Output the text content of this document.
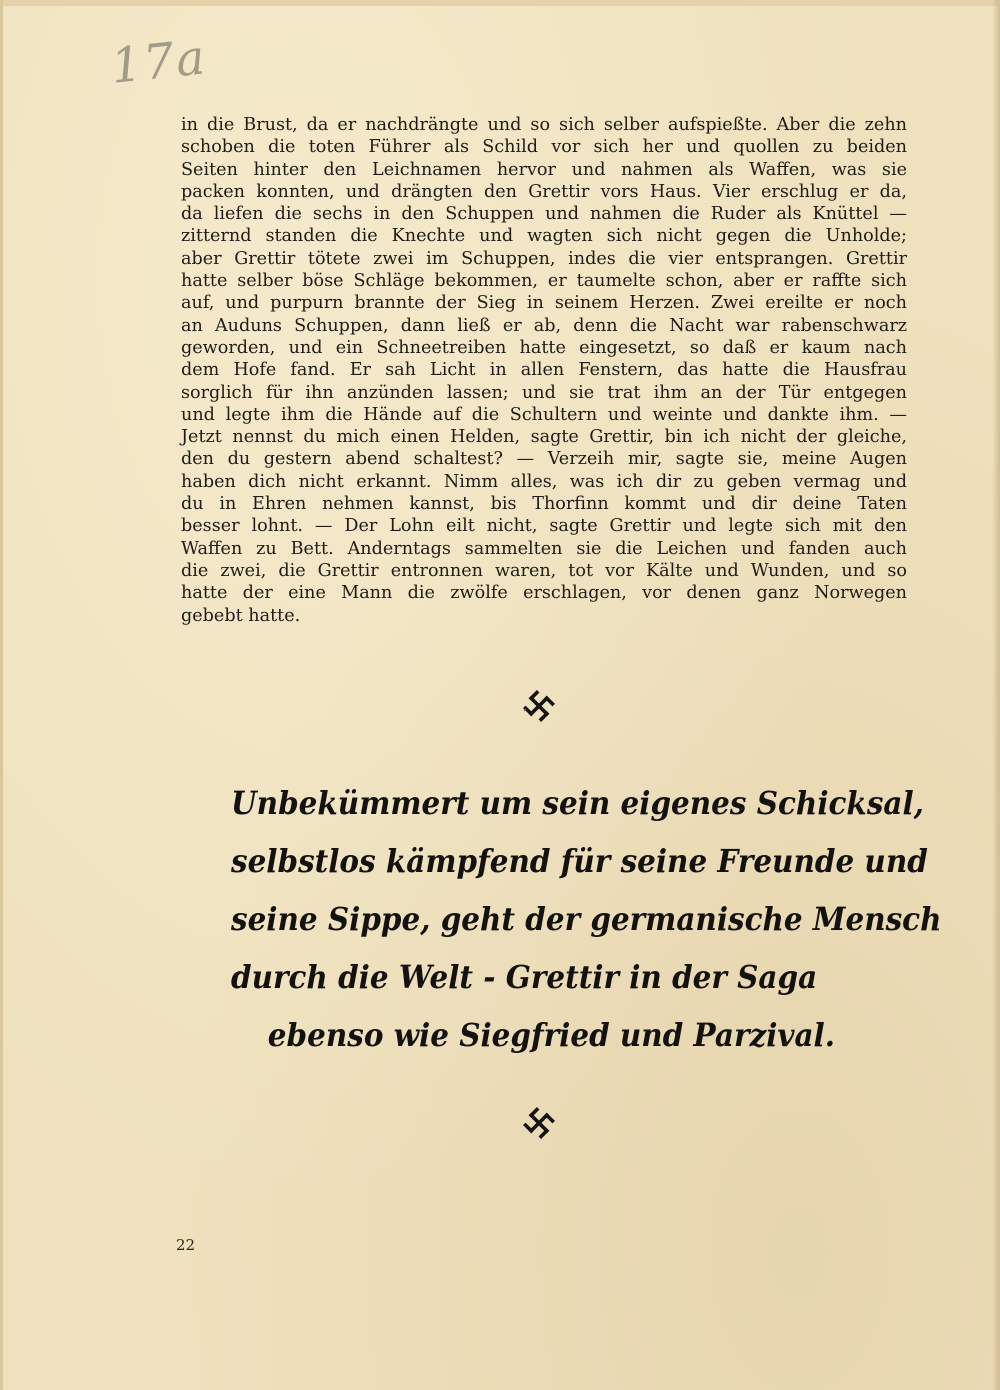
17a
in die Brust, da er nachdrängte und so sich selber aufspießte. Aber die zehn
schoben die toten Führer als Schild vor sich her und quollen zu beiden
Seiten hinter den Leichnamen hervor und nahmen als Waffen, was sie
packen konnten, und drängten den Grettir vors Haus. Vier erschlug er da,
da liefen die sechs in den Schuppen und nahmen die Ruder als Knüttel —
zitternd standen die Knechte und wagten sich nicht gegen die Unholde;
aber Grettir tötete zwei im Schuppen, indes die vier entsprangen. Grettir
hatte selber böse Schläge bekommen, er taumelte schon, aber er raffte sich
auf, und purpurn brannte der Sieg in seinem Herzen. Zwei ereilte er noch
an Auduns Schuppen, dann ließ er ab, denn die Nacht war rabenschwarz
geworden, und ein Schneetreiben hatte eingesetzt, so daß er kaum nach
dem Hofe fand. Er sah Licht in allen Fenstern, das hatte die Hausfrau
sorglich für ihn anzünden lassen; und sie trat ihm an der Tür entgegen
und legte ihm die Hände auf die Schultern und weinte und dankte ihm. —
Jetzt nennst du mich einen Helden, sagte Grettir, bin ich nicht der gleiche,
den du gestern abend schaltest? — Verzeih mir, sagte sie, meine Augen
haben dich nicht erkannt. Nimm alles, was ich dir zu geben vermag und
du in Ehren nehmen kannst, bis Thorfinn kommt und dir deine Taten
besser lohnt. — Der Lohn eilt nicht, sagte Grettir und legte sich mit den
Waffen zu Bett. Anderntags sammelten sie die Leichen und fanden auch
die zwei, die Grettir entronnen waren, tot vor Kälte und Wunden, und so
hatte der eine Mann die zwölfe erschlagen, vor denen ganz Norwegen
gebebt hatte.
Unbekümmert um sein eigenes Schicksal,
selbstlos kämpfend für seine Freunde und
seine Sippe, geht der germanische Mensch
durch die Welt - Grettir in der Saga
ebenso wie Siegfried und Parzival.
22
